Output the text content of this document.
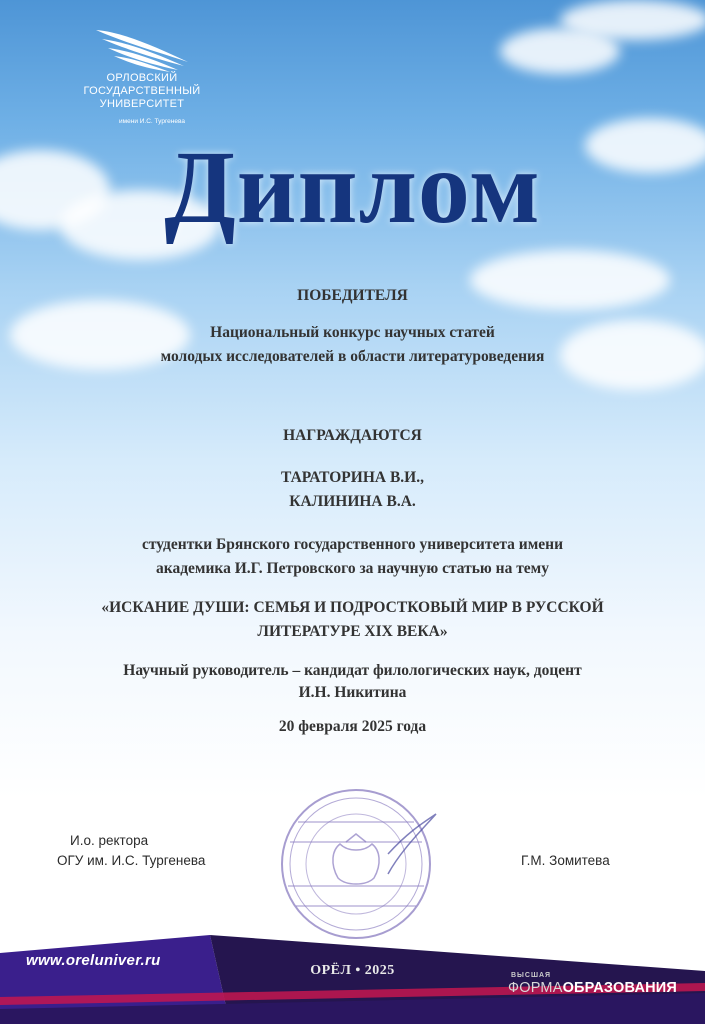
ОРЛОВСКИЙ
ГОСУДАРСТВЕННЫЙ
УНИВЕРСИТЕТ
имени И.С. Тургенева
Диплом
ПОБЕДИТЕЛЯ
Национальный конкурс научных статей
молодых исследователей в области литературоведения
НАГРАЖДАЮТСЯ
ТАРАТОРИНА В.И.,
КАЛИНИНА В.А.
студентки Брянского государственного университета имени
академика И.Г. Петровского за научную статью на тему
«ИСКАНИЕ ДУШИ: СЕМЬЯ И ПОДРОСТКОВЫЙ МИР В РУССКОЙ
ЛИТЕРАТУРЕ XIX ВЕКА»
Научный руководитель – кандидат филологических наук, доцент
И.Н. Никитина
20 февраля 2025 года
И.о. ректора
ОГУ им. И.С. Тургенева	Г.М. Зомитева
www.oreluniver.ru
ОРЁЛ • 2025	ВЫСШАЯ
ФОРМАОБРАЗОВАНИЯ
